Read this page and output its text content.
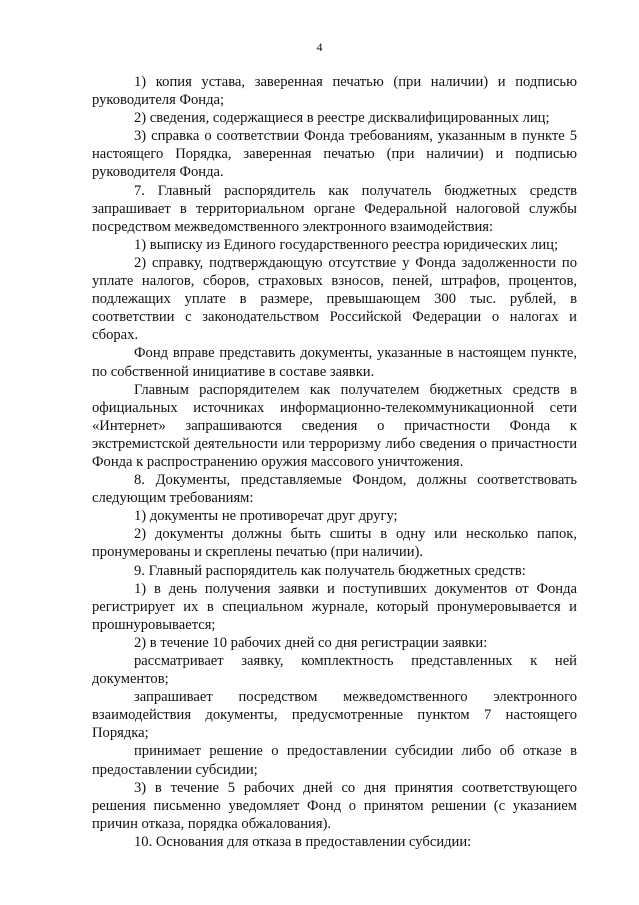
4

1) копия устава, заверенная печатью (при наличии) и подписью руководителя Фонда;

2) сведения, содержащиеся в реестре дисквалифицированных лиц;

3) справка о соответствии Фонда требованиям, указанным в пункте 5 настоящего Порядка, заверенная печатью (при наличии) и подписью руководителя Фонда.

7. Главный распорядитель как получатель бюджетных средств запрашивает в территориальном органе Федеральной налоговой службы посредством межведомственного электронного взаимодействия:

1) выписку из Единого государственного реестра юридических лиц;

2) справку, подтверждающую отсутствие у Фонда задолженности по уплате налогов, сборов, страховых взносов, пеней, штрафов, процентов, подлежащих уплате в размере, превышающем 300 тыс. рублей, в соответствии с законодательством Российской Федерации о налогах и сборах.

Фонд вправе представить документы, указанные в настоящем пункте, по собственной инициативе в составе заявки.

Главным распорядителем как получателем бюджетных средств в официальных источниках информационно-телекоммуникационной сети «Интернет» запрашиваются сведения о причастности Фонда к экстремистской деятельности или терроризму либо сведения о причастности Фонда к распространению оружия массового уничтожения.

8. Документы, представляемые Фондом, должны соответствовать следующим требованиям:

1) документы не противоречат друг другу;

2) документы должны быть сшиты в одну или несколько папок, пронумерованы и скреплены печатью (при наличии).

9. Главный распорядитель как получатель бюджетных средств:

1) в день получения заявки и поступивших документов от Фонда регистрирует их в специальном журнале, который пронумеровывается и прошнуровывается;

2) в течение 10 рабочих дней со дня регистрации заявки:

рассматривает заявку, комплектность представленных к ней документов;

запрашивает посредством межведомственного электронного взаимодействия документы, предусмотренные пунктом 7 настоящего Порядка;

принимает решение о предоставлении субсидии либо об отказе в предоставлении субсидии;

3) в течение 5 рабочих дней со дня принятия соответствующего решения письменно уведомляет Фонд о принятом решении (с указанием причин отказа, порядка обжалования).

10. Основания для отказа в предоставлении субсидии:
